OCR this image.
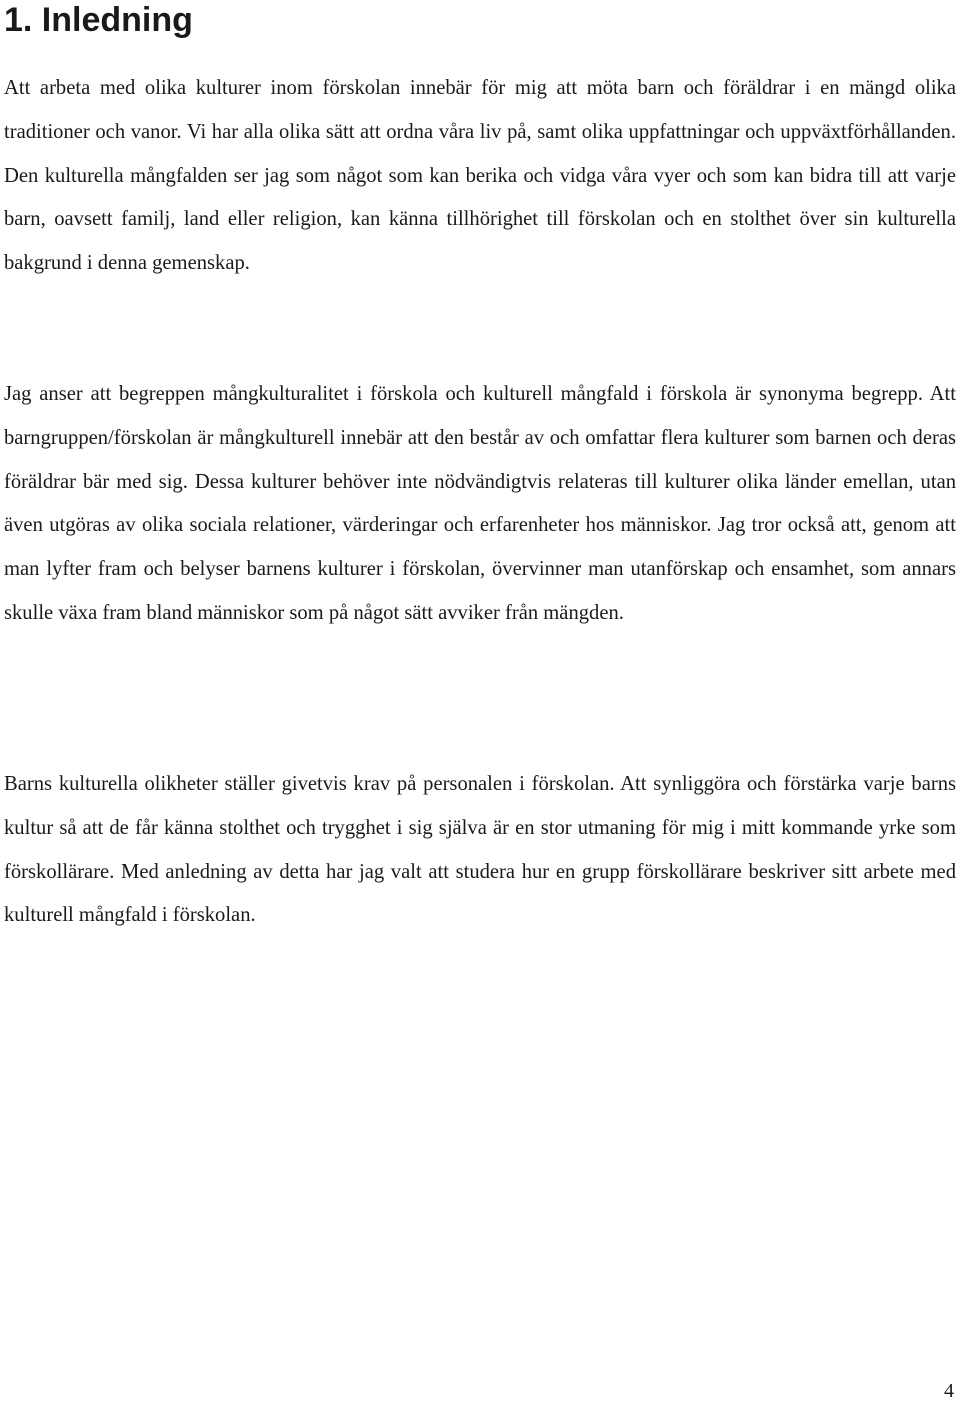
1. Inledning

Att arbeta med olika kulturer inom förskolan innebär för mig att möta barn och föräldrar i en mängd olika traditioner och vanor. Vi har alla olika sätt att ordna våra liv på, samt olika uppfattningar och uppväxtförhållanden. Den kulturella mångfalden ser jag som något som kan berika och vidga våra vyer och som kan bidra till att varje barn, oavsett familj, land eller religion, kan känna tillhörighet till förskolan och en stolthet över sin kulturella bakgrund i denna gemenskap.

Jag anser att begreppen mångkulturalitet i förskola och kulturell mångfald i förskola är synonyma begrepp. Att barngruppen/förskolan är mångkulturell innebär att den består av och omfattar flera kulturer som barnen och deras föräldrar bär med sig. Dessa kulturer behöver inte nödvändigtvis relateras till kulturer olika länder emellan, utan även utgöras av olika sociala relationer, värderingar och erfarenheter hos människor. Jag tror också att, genom att man lyfter fram och belyser barnens kulturer i förskolan, övervinner man utanförskap och ensamhet, som annars skulle växa fram bland människor som på något sätt avviker från mängden.

Barns kulturella olikheter ställer givetvis krav på personalen i förskolan. Att synliggöra och förstärka varje barns kultur så att de får känna stolthet och trygghet i sig själva är en stor utmaning för mig i mitt kommande yrke som förskollärare. Med anledning av detta har jag valt att studera hur en grupp förskollärare beskriver sitt arbete med kulturell mångfald i förskolan.

4
